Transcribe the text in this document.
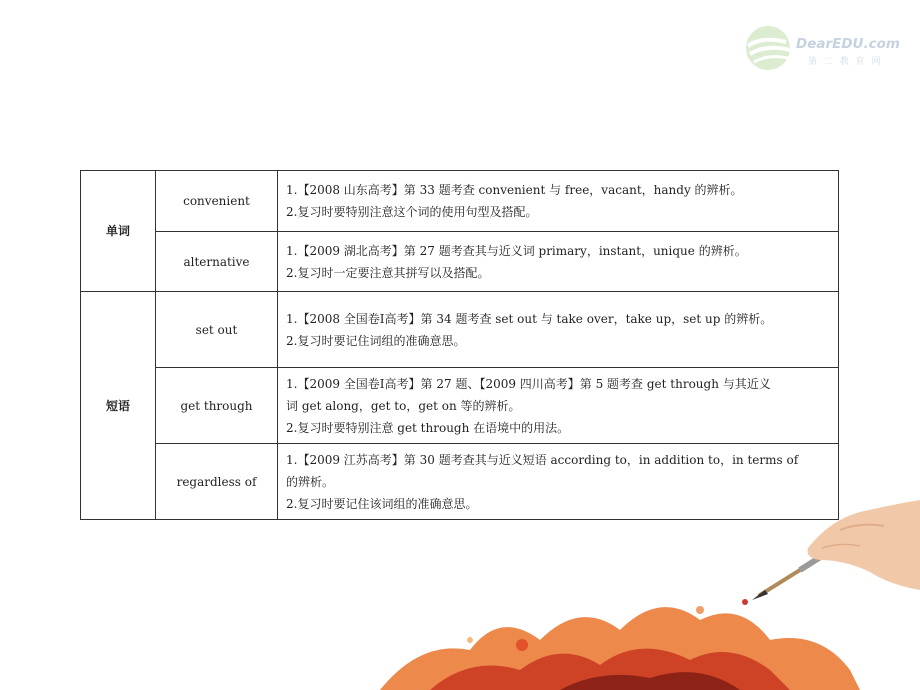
DearEDU.com
第 二 教 育 网
单词	convenient	1.【2008 山东高考】第 33 题考查 convenient 与 free，vacant，handy 的辨析。
2.复习时要特别注意这个词的使用句型及搭配。

	alternative	1.【2009 湖北高考】第 27 题考查其与近义词 primary，instant，unique 的辨析。
2.复习时一定要注意其拼写以及搭配。

短语	set out	1.【2008 全国卷Ⅰ高考】第 34 题考查 set out 与 take over，take up，set up 的辨析。
2.复习时要记住词组的准确意思。

	get through	1.【2009 全国卷Ⅰ高考】第 27 题、【2009 四川高考】第 5 题考查 get through 与其近义
词 get along，get to，get on 等的辨析。
2.复习时要特别注意 get through 在语境中的用法。

	regardless of	1.【2009 江苏高考】第 30 题考查其与近义短语 according to，in addition to，in terms of
的辨析。
2.复习时要记住该词组的准确意思。
